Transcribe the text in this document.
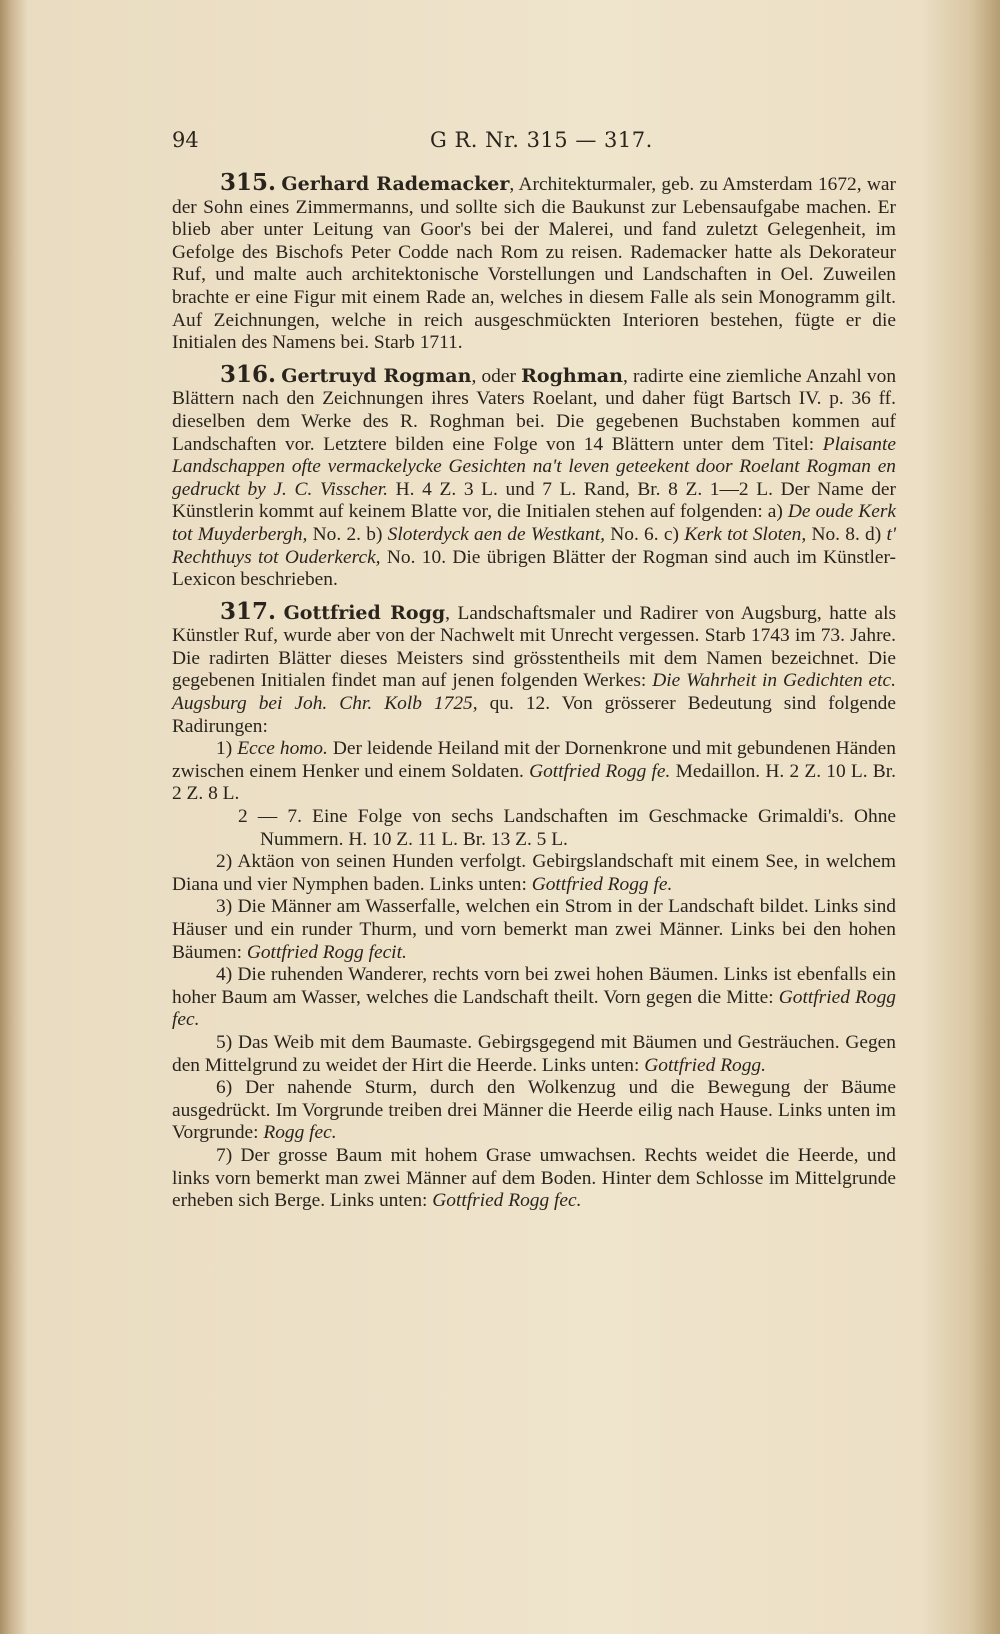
94	G R. Nr. 315 — 317.

315. Gerhard Rademacker, Architekturmaler, geb. zu Amsterdam 1672, war der Sohn eines Zimmermanns, und sollte sich die Baukunst zur Lebensaufgabe machen. Er blieb aber unter Leitung van Goor's bei der Malerei, und fand zuletzt Gelegenheit, im Gefolge des Bischofs Peter Codde nach Rom zu reisen. Rademacker hatte als Dekorateur Ruf, und malte auch architektonische Vorstellungen und Landschaften in Oel. Zuweilen brachte er eine Figur mit einem Rade an, welches in diesem Falle als sein Monogramm gilt. Auf Zeichnungen, welche in reich ausgeschmückten Interioren bestehen, fügte er die Initialen des Namens bei. Starb 1711.

316. Gertruyd Rogman, oder Roghman, radirte eine ziemliche Anzahl von Blättern nach den Zeichnungen ihres Vaters Roelant, und daher fügt Bartsch IV. p. 36 ff. dieselben dem Werke des R. Roghman bei. Die gegebenen Buchstaben kommen auf Landschaften vor. Letztere bilden eine Folge von 14 Blättern unter dem Titel: Plaisante Landschappen ofte vermackelycke Gesichten na't leven geteekent door Roelant Rogman en gedruckt by J. C. Visscher. H. 4 Z. 3 L. und 7 L. Rand, Br. 8 Z. 1—2 L. Der Name der Künstlerin kommt auf keinem Blatte vor, die Initialen stehen auf folgenden: a) De oude Kerk tot Muyderbergh, No. 2. b) Sloterdyck aen de Westkant, No. 6. c) Kerk tot Sloten, No. 8. d) t' Rechthuys tot Ouderkerck, No. 10. Die übrigen Blätter der Rogman sind auch im Künstler-Lexicon beschrieben.

317. Gottfried Rogg, Landschaftsmaler und Radirer von Augsburg, hatte als Künstler Ruf, wurde aber von der Nachwelt mit Unrecht vergessen. Starb 1743 im 73. Jahre. Die radirten Blätter dieses Meisters sind grösstentheils mit dem Namen bezeichnet. Die gegebenen Initialen findet man auf jenen folgenden Werkes: Die Wahrheit in Gedichten etc. Augsburg bei Joh. Chr. Kolb 1725, qu. 12. Von grösserer Bedeutung sind folgende Radirungen:

1) Ecce homo. Der leidende Heiland mit der Dornenkrone und mit gebundenen Händen zwischen einem Henker und einem Soldaten. Gottfried Rogg fe. Medaillon. H. 2 Z. 10 L. Br. 2 Z. 8 L.

2 — 7. Eine Folge von sechs Landschaften im Geschmacke Grimaldi's. Ohne Nummern. H. 10 Z. 11 L. Br. 13 Z. 5 L.

2) Aktäon von seinen Hunden verfolgt. Gebirgslandschaft mit einem See, in welchem Diana und vier Nymphen baden. Links unten: Gottfried Rogg fe.

3) Die Männer am Wasserfalle, welchen ein Strom in der Landschaft bildet. Links sind Häuser und ein runder Thurm, und vorn bemerkt man zwei Männer. Links bei den hohen Bäumen: Gottfried Rogg fecit.

4) Die ruhenden Wanderer, rechts vorn bei zwei hohen Bäumen. Links ist ebenfalls ein hoher Baum am Wasser, welches die Landschaft theilt. Vorn gegen die Mitte: Gottfried Rogg fec.

5) Das Weib mit dem Baumaste. Gebirgsgegend mit Bäumen und Gesträuchen. Gegen den Mittelgrund zu weidet der Hirt die Heerde. Links unten: Gottfried Rogg.

6) Der nahende Sturm, durch den Wolkenzug und die Bewegung der Bäume ausgedrückt. Im Vorgrunde treiben drei Männer die Heerde eilig nach Hause. Links unten im Vorgrunde: Rogg fec.

7) Der grosse Baum mit hohem Grase umwachsen. Rechts weidet die Heerde, und links vorn bemerkt man zwei Männer auf dem Boden. Hinter dem Schlosse im Mittelgrunde erheben sich Berge. Links unten: Gottfried Rogg fec.
